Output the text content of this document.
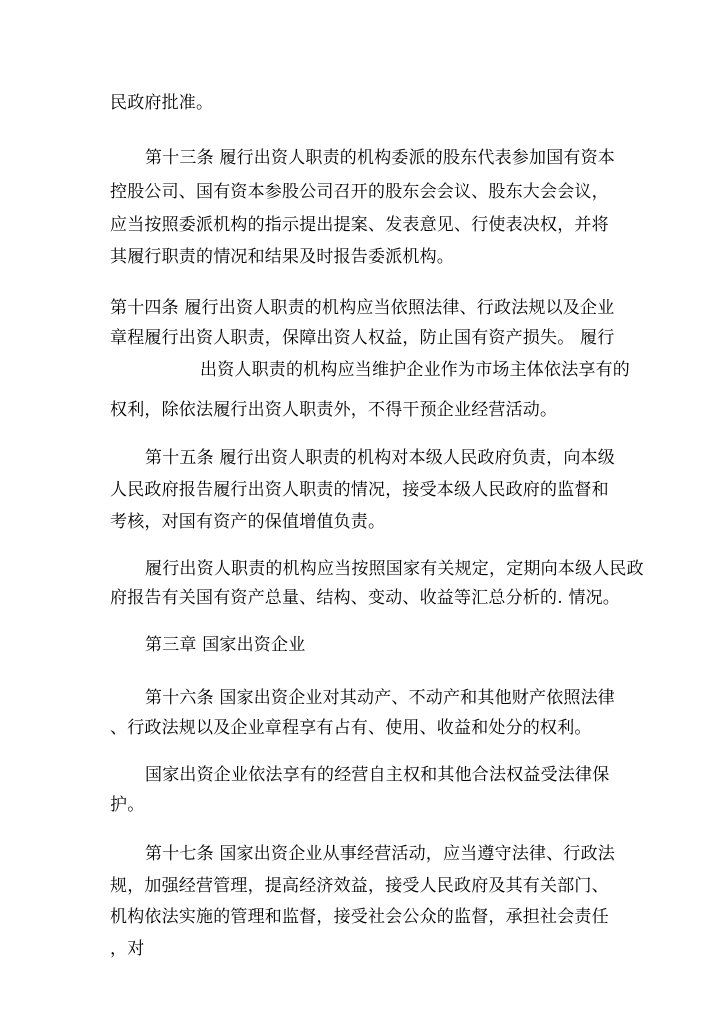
民政府批准。
第十三条 履行出资人职责的机构委派的股东代表参加国有资本
控股公司、国有资本参股公司召开的股东会会议、股东大会会议，
应当按照委派机构的指示提出提案、发表意见、行使表决权，并将
其履行职责的情况和结果及时报告委派机构。
第十四条 履行出资人职责的机构应当依照法律、行政法规以及企业
章程履行出资人职责，保障出资人权益，防止国有资产损失。 履行
出资人职责的机构应当维护企业作为市场主体依法享有的
权利，除依法履行出资人职责外，不得干预企业经营活动。
第十五条 履行出资人职责的机构对本级人民政府负责，向本级
人民政府报告履行出资人职责的情况，接受本级人民政府的监督和
考核，对国有资产的保值增值负责。
履行出资人职责的机构应当按照国家有关规定，定期向本级人民政
府报告有关国有资产总量、结构、变动、收益等汇总分析的. 情况。
第三章 国家出资企业
第十六条 国家出资企业对其动产、不动产和其他财产依照法律
、行政法规以及企业章程享有占有、使用、收益和处分的权利。
国家出资企业依法享有的经营自主权和其他合法权益受法律保
护。
第十七条 国家出资企业从事经营活动，应当遵守法律、行政法
规，加强经营管理，提高经济效益，接受人民政府及其有关部门、
机构依法实施的管理和监督，接受社会公众的监督，承担社会责任
，对
